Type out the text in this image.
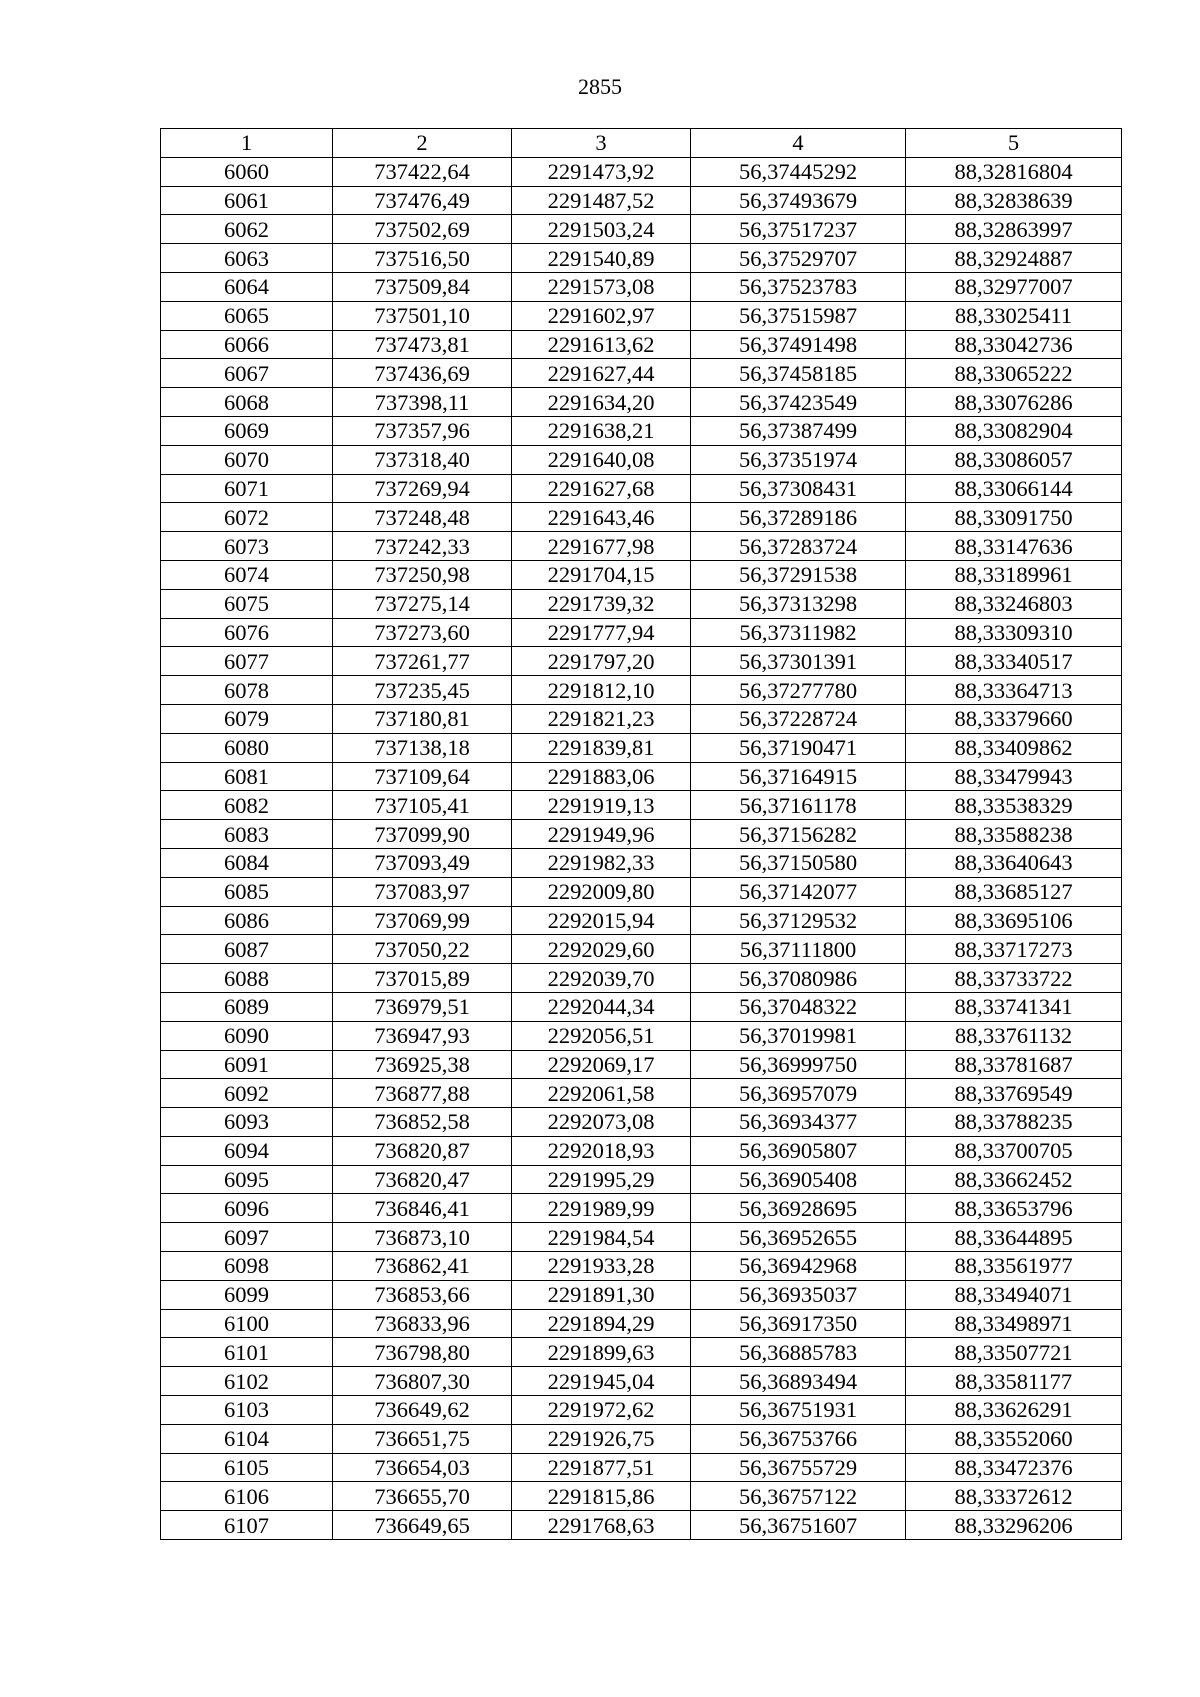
2855
1	2	3	4	5
6060	737422,64	2291473,92	56,37445292	88,32816804
6061	737476,49	2291487,52	56,37493679	88,32838639
6062	737502,69	2291503,24	56,37517237	88,32863997
6063	737516,50	2291540,89	56,37529707	88,32924887
6064	737509,84	2291573,08	56,37523783	88,32977007
6065	737501,10	2291602,97	56,37515987	88,33025411
6066	737473,81	2291613,62	56,37491498	88,33042736
6067	737436,69	2291627,44	56,37458185	88,33065222
6068	737398,11	2291634,20	56,37423549	88,33076286
6069	737357,96	2291638,21	56,37387499	88,33082904
6070	737318,40	2291640,08	56,37351974	88,33086057
6071	737269,94	2291627,68	56,37308431	88,33066144
6072	737248,48	2291643,46	56,37289186	88,33091750
6073	737242,33	2291677,98	56,37283724	88,33147636
6074	737250,98	2291704,15	56,37291538	88,33189961
6075	737275,14	2291739,32	56,37313298	88,33246803
6076	737273,60	2291777,94	56,37311982	88,33309310
6077	737261,77	2291797,20	56,37301391	88,33340517
6078	737235,45	2291812,10	56,37277780	88,33364713
6079	737180,81	2291821,23	56,37228724	88,33379660
6080	737138,18	2291839,81	56,37190471	88,33409862
6081	737109,64	2291883,06	56,37164915	88,33479943
6082	737105,41	2291919,13	56,37161178	88,33538329
6083	737099,90	2291949,96	56,37156282	88,33588238
6084	737093,49	2291982,33	56,37150580	88,33640643
6085	737083,97	2292009,80	56,37142077	88,33685127
6086	737069,99	2292015,94	56,37129532	88,33695106
6087	737050,22	2292029,60	56,37111800	88,33717273
6088	737015,89	2292039,70	56,37080986	88,33733722
6089	736979,51	2292044,34	56,37048322	88,33741341
6090	736947,93	2292056,51	56,37019981	88,33761132
6091	736925,38	2292069,17	56,36999750	88,33781687
6092	736877,88	2292061,58	56,36957079	88,33769549
6093	736852,58	2292073,08	56,36934377	88,33788235
6094	736820,87	2292018,93	56,36905807	88,33700705
6095	736820,47	2291995,29	56,36905408	88,33662452
6096	736846,41	2291989,99	56,36928695	88,33653796
6097	736873,10	2291984,54	56,36952655	88,33644895
6098	736862,41	2291933,28	56,36942968	88,33561977
6099	736853,66	2291891,30	56,36935037	88,33494071
6100	736833,96	2291894,29	56,36917350	88,33498971
6101	736798,80	2291899,63	56,36885783	88,33507721
6102	736807,30	2291945,04	56,36893494	88,33581177
6103	736649,62	2291972,62	56,36751931	88,33626291
6104	736651,75	2291926,75	56,36753766	88,33552060
6105	736654,03	2291877,51	56,36755729	88,33472376
6106	736655,70	2291815,86	56,36757122	88,33372612
6107	736649,65	2291768,63	56,36751607	88,33296206
